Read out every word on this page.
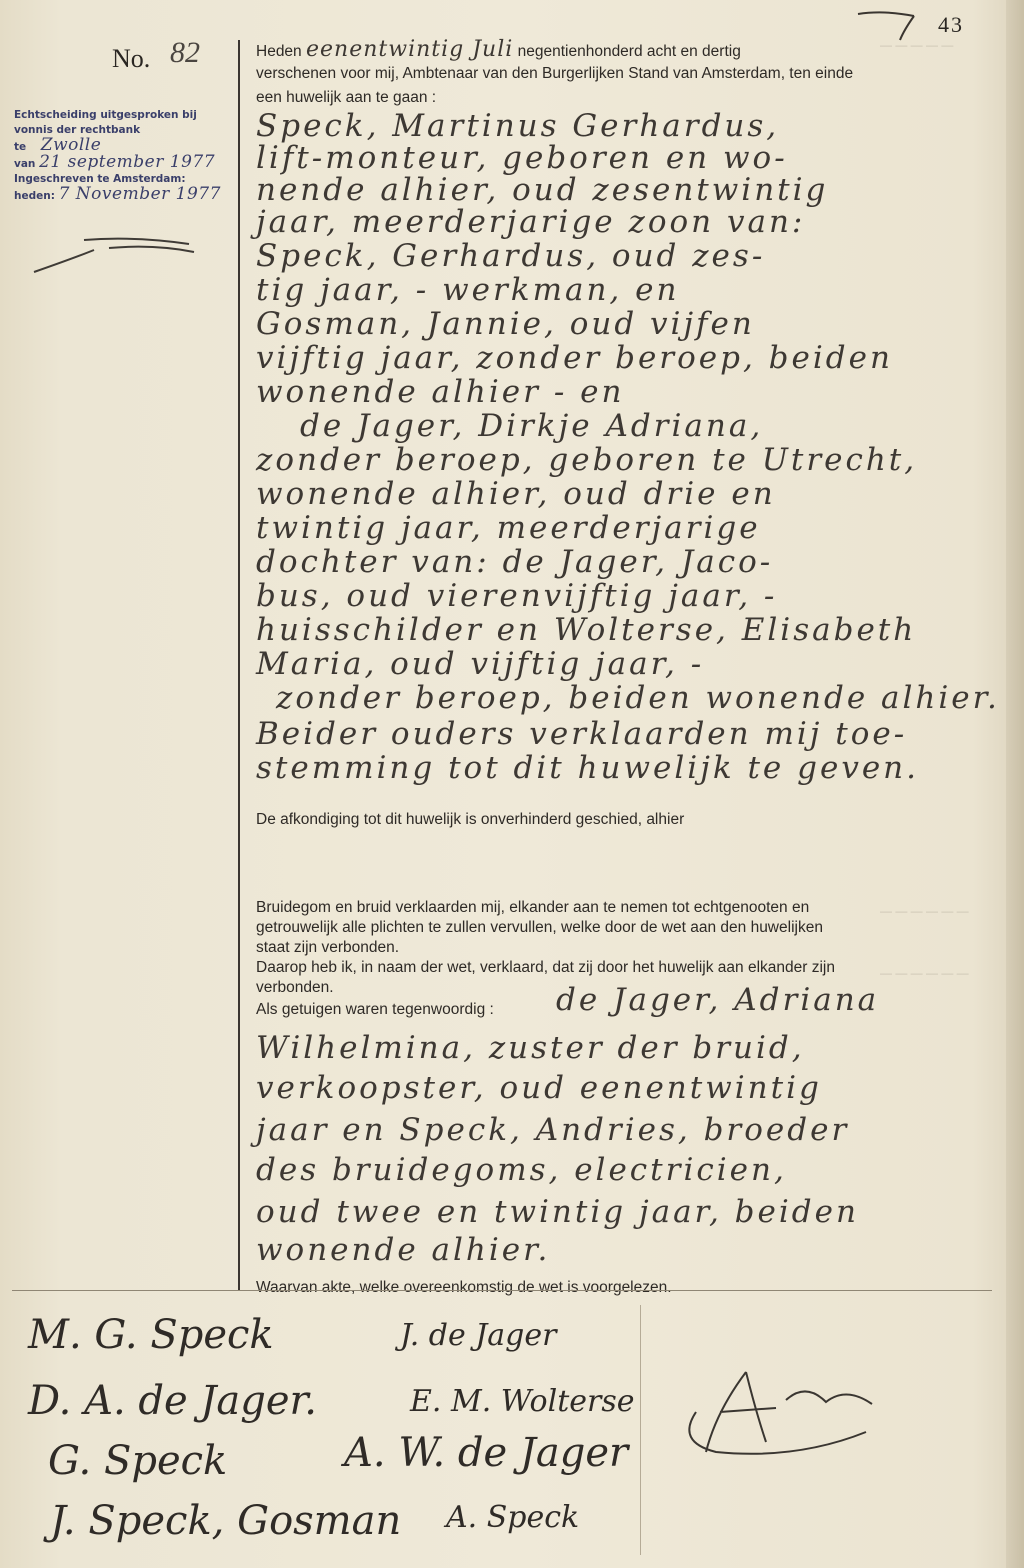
— — — — —
— — — — — —
— — — — — —
43
No. 82
Echtscheiding uitgesproken bij
vonnis der rechtbank
te Zwolle
van 21 september 1977
Ingeschreven te Amsterdam:
heden: 7 November 1977
Heden eenentwintig Juli negentienhonderd acht en dertig
verschenen voor mij, Ambtenaar van den Burgerlijken Stand van Amsterdam, ten einde
een huwelijk aan te gaan :
Speck, Martinus Gerhardus,
lift-monteur, geboren en wo-
nende alhier, oud zesentwintig
jaar, meerderjarige zoon van:
Speck, Gerhardus, oud zes-
tig jaar, - werkman, en
Gosman, Jannie, oud vijfen
vijftig jaar, zonder beroep, beiden
wonende alhier - en
de Jager, Dirkje Adriana,
zonder beroep, geboren te Utrecht,
wonende alhier, oud drie en
twintig jaar, meerderjarige
dochter van: de Jager, Jaco-
bus, oud vierenvijftig jaar, -
huisschilder en Wolterse, Elisabeth
Maria, oud vijftig jaar, -
zonder beroep, beiden wonende alhier.
Beider ouders verklaarden mij toe-
stemming tot dit huwelijk te geven.
De afkondiging tot dit huwelijk is onverhinderd geschied, alhier
Bruidegom en bruid verklaarden mij, elkander aan te nemen tot echtgenooten en
getrouwelijk alle plichten te zullen vervullen, welke door de wet aan den huwelijken
staat zijn verbonden.
Daarop heb ik, in naam der wet, verklaard, dat zij door het huwelijk aan elkander zijn
verbonden.
Als getuigen waren tegenwoordig : de Jager, Adriana
Wilhelmina, zuster der bruid,
verkoopster, oud eenentwintig
jaar en Speck, Andries, broeder
des bruidegoms, electricien,
oud twee en twintig jaar, beiden
wonende alhier.
Waarvan akte, welke overeenkomstig de wet is voorgelezen.
M. G. Speck	J. de Jager
D. A. de Jager.	E. M. Wolterse
G. Speck	A. W. de Jager
J. Speck, Gosman A. Speck
